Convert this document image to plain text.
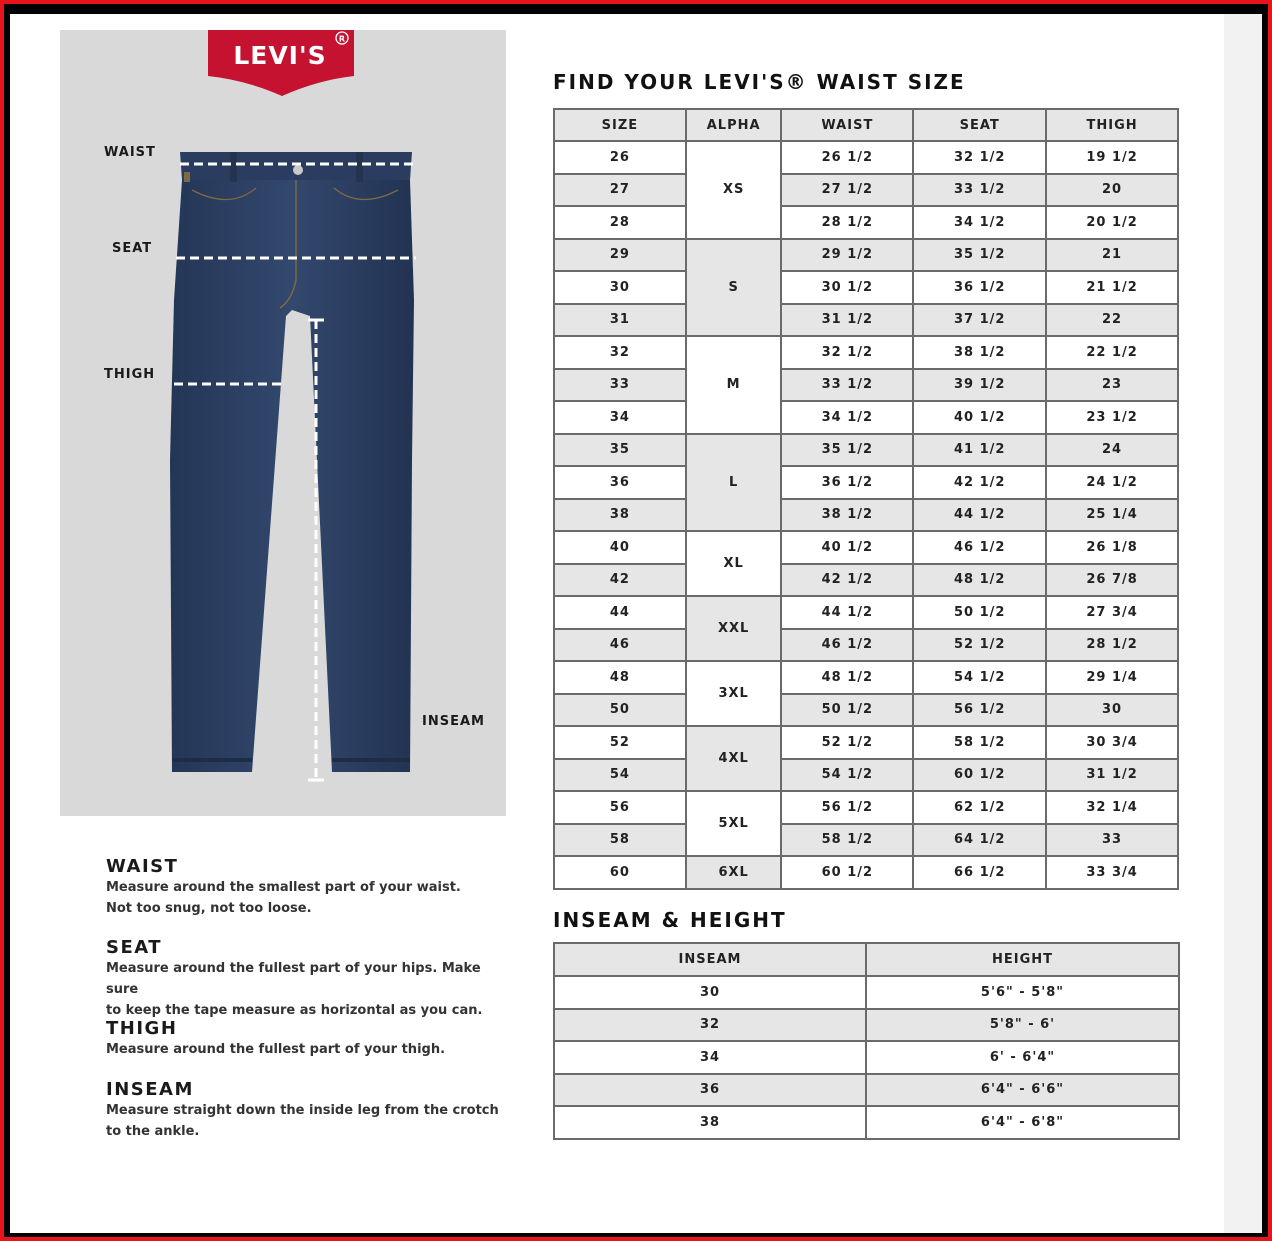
LEVI'S
R
WAIST
SEAT
THIGH
INSEAM
FIND YOUR LEVI'S® WAIST SIZE
SIZE	ALPHA	WAIST	SEAT	THIGH
26	XS	26 1/2	32 1/2	19 1/2
27		27 1/2	33 1/2	20
28		28 1/2	34 1/2	20 1/2
29	S	29 1/2	35 1/2	21
30		30 1/2	36 1/2	21 1/2
31		31 1/2	37 1/2	22
32	M	32 1/2	38 1/2	22 1/2
33		33 1/2	39 1/2	23
34		34 1/2	40 1/2	23 1/2
35	L	35 1/2	41 1/2	24
36		36 1/2	42 1/2	24 1/2
38		38 1/2	44 1/2	25 1/4
40	XL	40 1/2	46 1/2	26 1/8
42		42 1/2	48 1/2	26 7/8
44	XXL	44 1/2	50 1/2	27 3/4
46		46 1/2	52 1/2	28 1/2
48	3XL	48 1/2	54 1/2	29 1/4
50		50 1/2	56 1/2	30
52	4XL	52 1/2	58 1/2	30 3/4
54		54 1/2	60 1/2	31 1/2
56	5XL	56 1/2	62 1/2	32 1/4
58		58 1/2	64 1/2	33
60	6XL	60 1/2	66 1/2	33 3/4
INSEAM & HEIGHT
INSEAM	HEIGHT
30	5'6" - 5'8"
32	5'8" - 6'
34	6' - 6'4"
36	6'4" - 6'6"
38	6'4" - 6'8"
WAIST
Measure around the smallest part of your waist.
Not too snug, not too loose.
SEAT
Measure around the fullest part of your hips. Make sure
to keep the tape measure as horizontal as you can.
THIGH
Measure around the fullest part of your thigh.
INSEAM
Measure straight down the inside leg from the crotch
to the ankle.
